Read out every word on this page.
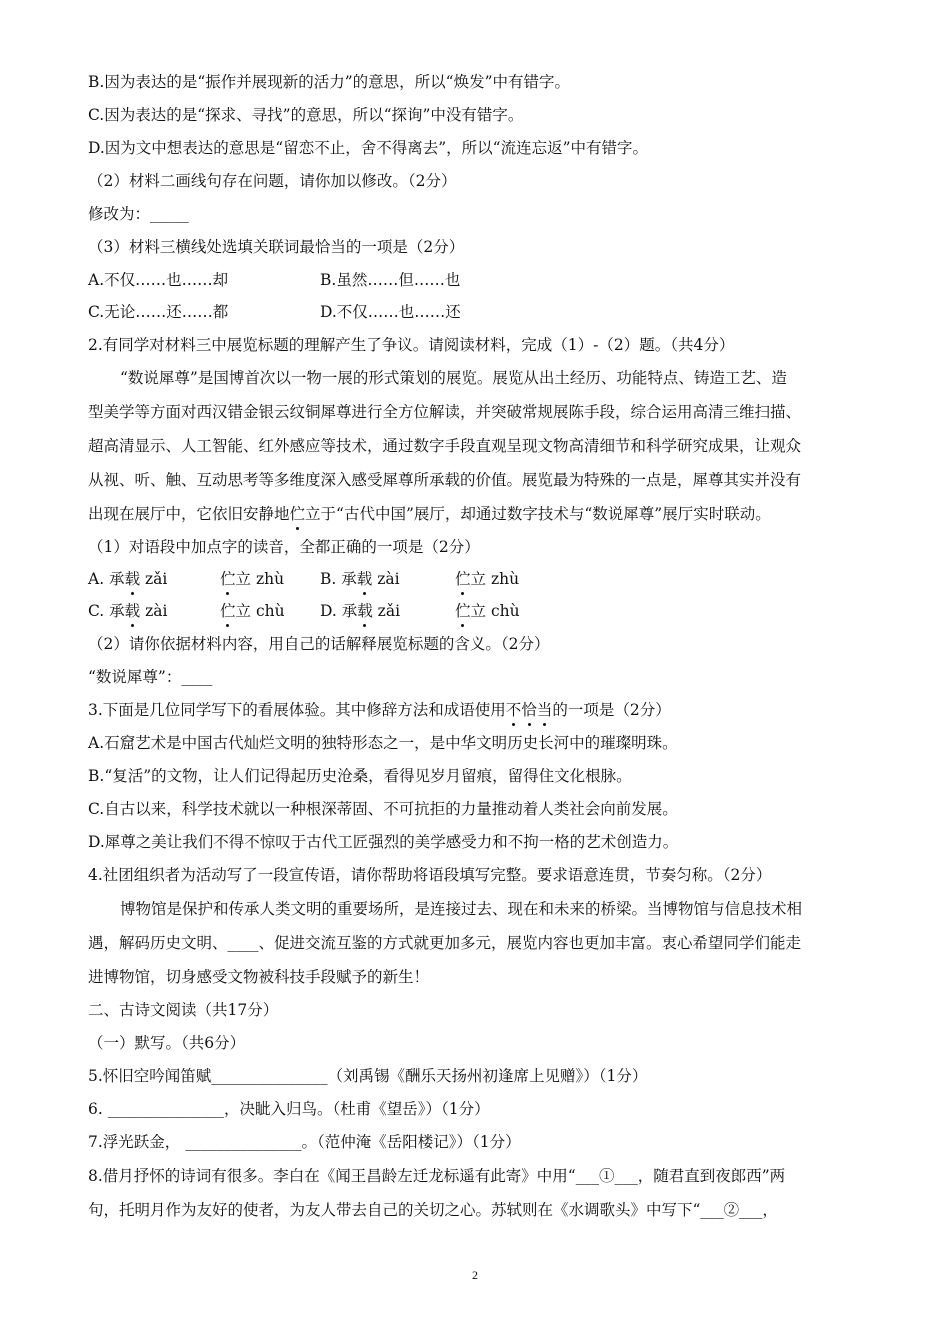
B.因为表达的是“振作并展现新的活力”的意思，所以“焕发”中有错字。
C.因为表达的是“探求、寻找”的意思，所以“探询”中没有错字。
D.因为文中想表达的意思是“留恋不止，舍不得离去”，所以“流连忘返”中有错字。
（2）材料二画线句存在问题，请你加以修改。（2分）
修改为：_____
（3）材料三横线处选填关联词最恰当的一项是（2分）
A.不仅……也……却	B.虽然……但……也
C.无论……还……都	D.不仅……也……还
2.有同学对材料三中展览标题的理解产生了争议。请阅读材料，完成（1）-（2）题。（共4分）
“数说犀尊”是国博首次以一物一展的形式策划的展览。展览从出土经历、功能特点、铸造工艺、造
型美学等方面对西汉错金银云纹铜犀尊进行全方位解读，并突破常规展陈手段，综合运用高清三维扫描、
超高清显示、人工智能、红外感应等技术，通过数字手段直观呈现文物高清细节和科学研究成果，让观众
从视、听、触、互动思考等多维度深入感受犀尊所承载的价值。展览最为特殊的一点是，犀尊其实并没有
出现在展厅中，它依旧安静地伫立于“古代中国”展厅，却通过数字技术与“数说犀尊”展厅实时联动。
（1）对语段中加点字的读音，全都正确的一项是（2分）
A. 承载 zǎi	伫立 zhù B. 承载 zài	伫立 zhù
C. 承载 zài	伫立 chù D. 承载 zǎi	伫立 chù
（2）请你依据材料内容，用自己的话解释展览标题的含义。（2分）
“数说犀尊”：____
3.下面是几位同学写下的看展体验。其中修辞方法和成语使用不恰当的一项是（2分）
A.石窟艺术是中国古代灿烂文明的独特形态之一，是中华文明历史长河中的璀璨明珠。
B.“复活”的文物，让人们记得起历史沧桑，看得见岁月留痕，留得住文化根脉。
C.自古以来，科学技术就以一种根深蒂固、不可抗拒的力量推动着人类社会向前发展。
D.犀尊之美让我们不得不惊叹于古代工匠强烈的美学感受力和不拘一格的艺术创造力。
4.社团组织者为活动写了一段宣传语，请你帮助将语段填写完整。要求语意连贯，节奏匀称。（2分）
博物馆是保护和传承人类文明的重要场所，是连接过去、现在和未来的桥梁。当博物馆与信息技术相
遇，解码历史文明、____、促进交流互鉴的方式就更加多元，展览内容也更加丰富。衷心希望同学们能走
进博物馆，切身感受文物被科技手段赋予的新生！
二、古诗文阅读（共17分）
（一）默写。（共6分）
5.怀旧空吟闻笛赋_______________（刘禹锡《酬乐天扬州初逢席上见赠》）（1分）
6. _______________，决眦入归鸟。（杜甫《望岳》）（1分）
7.浮光跃金， _______________。（范仲淹《岳阳楼记》）（1分）
8.借月抒怀的诗词有很多。李白在《闻王昌龄左迁龙标遥有此寄》中用“___①___，随君直到夜郎西”两
句，托明月作为友好的使者，为友人带去自己的关切之心。苏轼则在《水调歌头》中写下“___②___，
2
